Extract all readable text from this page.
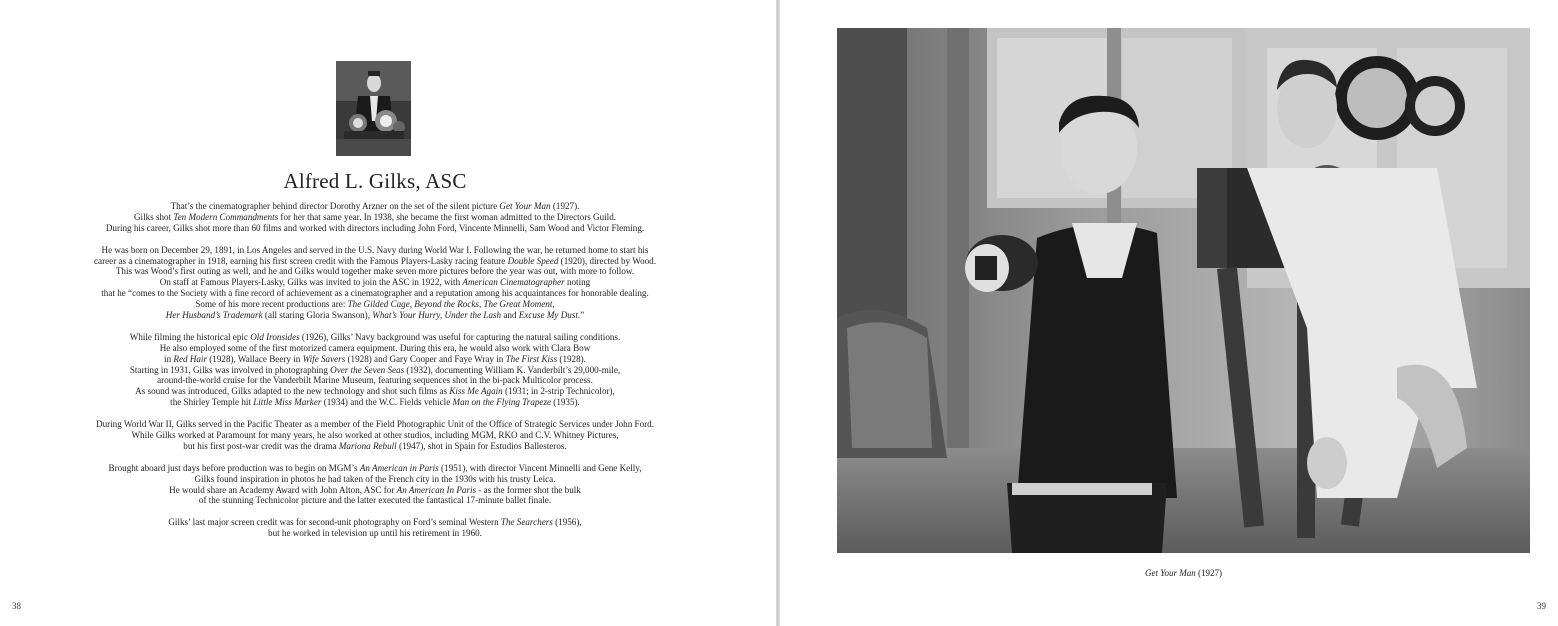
Alfred L. Gilks, ASC

That’s the cinematographer behind director Dorothy Arzner on the set of the silent picture Get Your Man (1927).
Gilks shot Ten Modern Commandments for her that same year. In 1938, she became the first woman admitted to the Directors Guild.
During his career, Gilks shot more than 60 films and worked with directors including John Ford, Vincente Minnelli, Sam Wood and Victor Fleming.

He was born on December 29, 1891, in Los Angeles and served in the U.S. Navy during World War I. Following the war, he returned home to start his
career as a cinematographer in 1918, earning his first screen credit with the Famous Players-Lasky racing feature Double Speed (1920), directed by Wood.
This was Wood’s first outing as well, and he and Gilks would together make seven more pictures before the year was out, with more to follow.
On staff at Famous Players-Lasky, Gilks was invited to join the ASC in 1922, with American Cinematographer noting
that he “comes to the Society with a fine record of achievement as a cinematographer and a reputation among his acquaintances for honorable dealing.
Some of his more recent productions are: The Gilded Cage, Beyond the Rocks, The Great Moment,
Her Husband’s Trademark (all staring Gloria Swanson), What’s Your Hurry, Under the Lash and Excuse My Dust.”

While filming the historical epic Old Ironsides (1926), Gilks’ Navy background was useful for capturing the natural sailing conditions.
He also employed some of the first motorized camera equipment. During this era, he would also work with Clara Bow
in Red Hair (1928), Wallace Beery in Wife Savers (1928) and Gary Cooper and Faye Wray in The First Kiss (1928).
Starting in 1931, Gilks was involved in photographing Over the Seven Seas (1932), documenting William K. Vanderbilt’s 29,000-mile,
around-the-world cruise for the Vanderbilt Marine Museum, featuring sequences shot in the bi-pack Multicolor process.
As sound was introduced, Gilks adapted to the new technology and shot such films as Kiss Me Again (1931; in 2-strip Technicolor),
the Shirley Temple hit Little Miss Marker (1934) and the W.C. Fields vehicle Man on the Flying Trapeze (1935).

During World War II, Gilks served in the Pacific Theater as a member of the Field Photographic Unit of the Office of Strategic Services under John Ford.
While Gilks worked at Paramount for many years, he also worked at other studios, including MGM, RKO and C.V. Whitney Pictures,
but his first post-war credit was the drama Mariona Rebull (1947), shot in Spain for Estudios Ballesteros.

Brought aboard just days before production was to begin on MGM’s An American in Paris (1951), with director Vincent Minnelli and Gene Kelly,
Gilks found inspiration in photos he had taken of the French city in the 1930s with his trusty Leica.
He would share an Academy Award with John Alton, ASC for An American In Paris - as the former shot the bulk
of the stunning Technicolor picture and the latter executed the fantastical 17-minute ballet finale.

Gilks’ last major screen credit was for second-unit photography on Ford’s seminal Western The Searchers (1956),
but he worked in television up until his retirement in 1960.

38	39
Get Your Man (1927)
